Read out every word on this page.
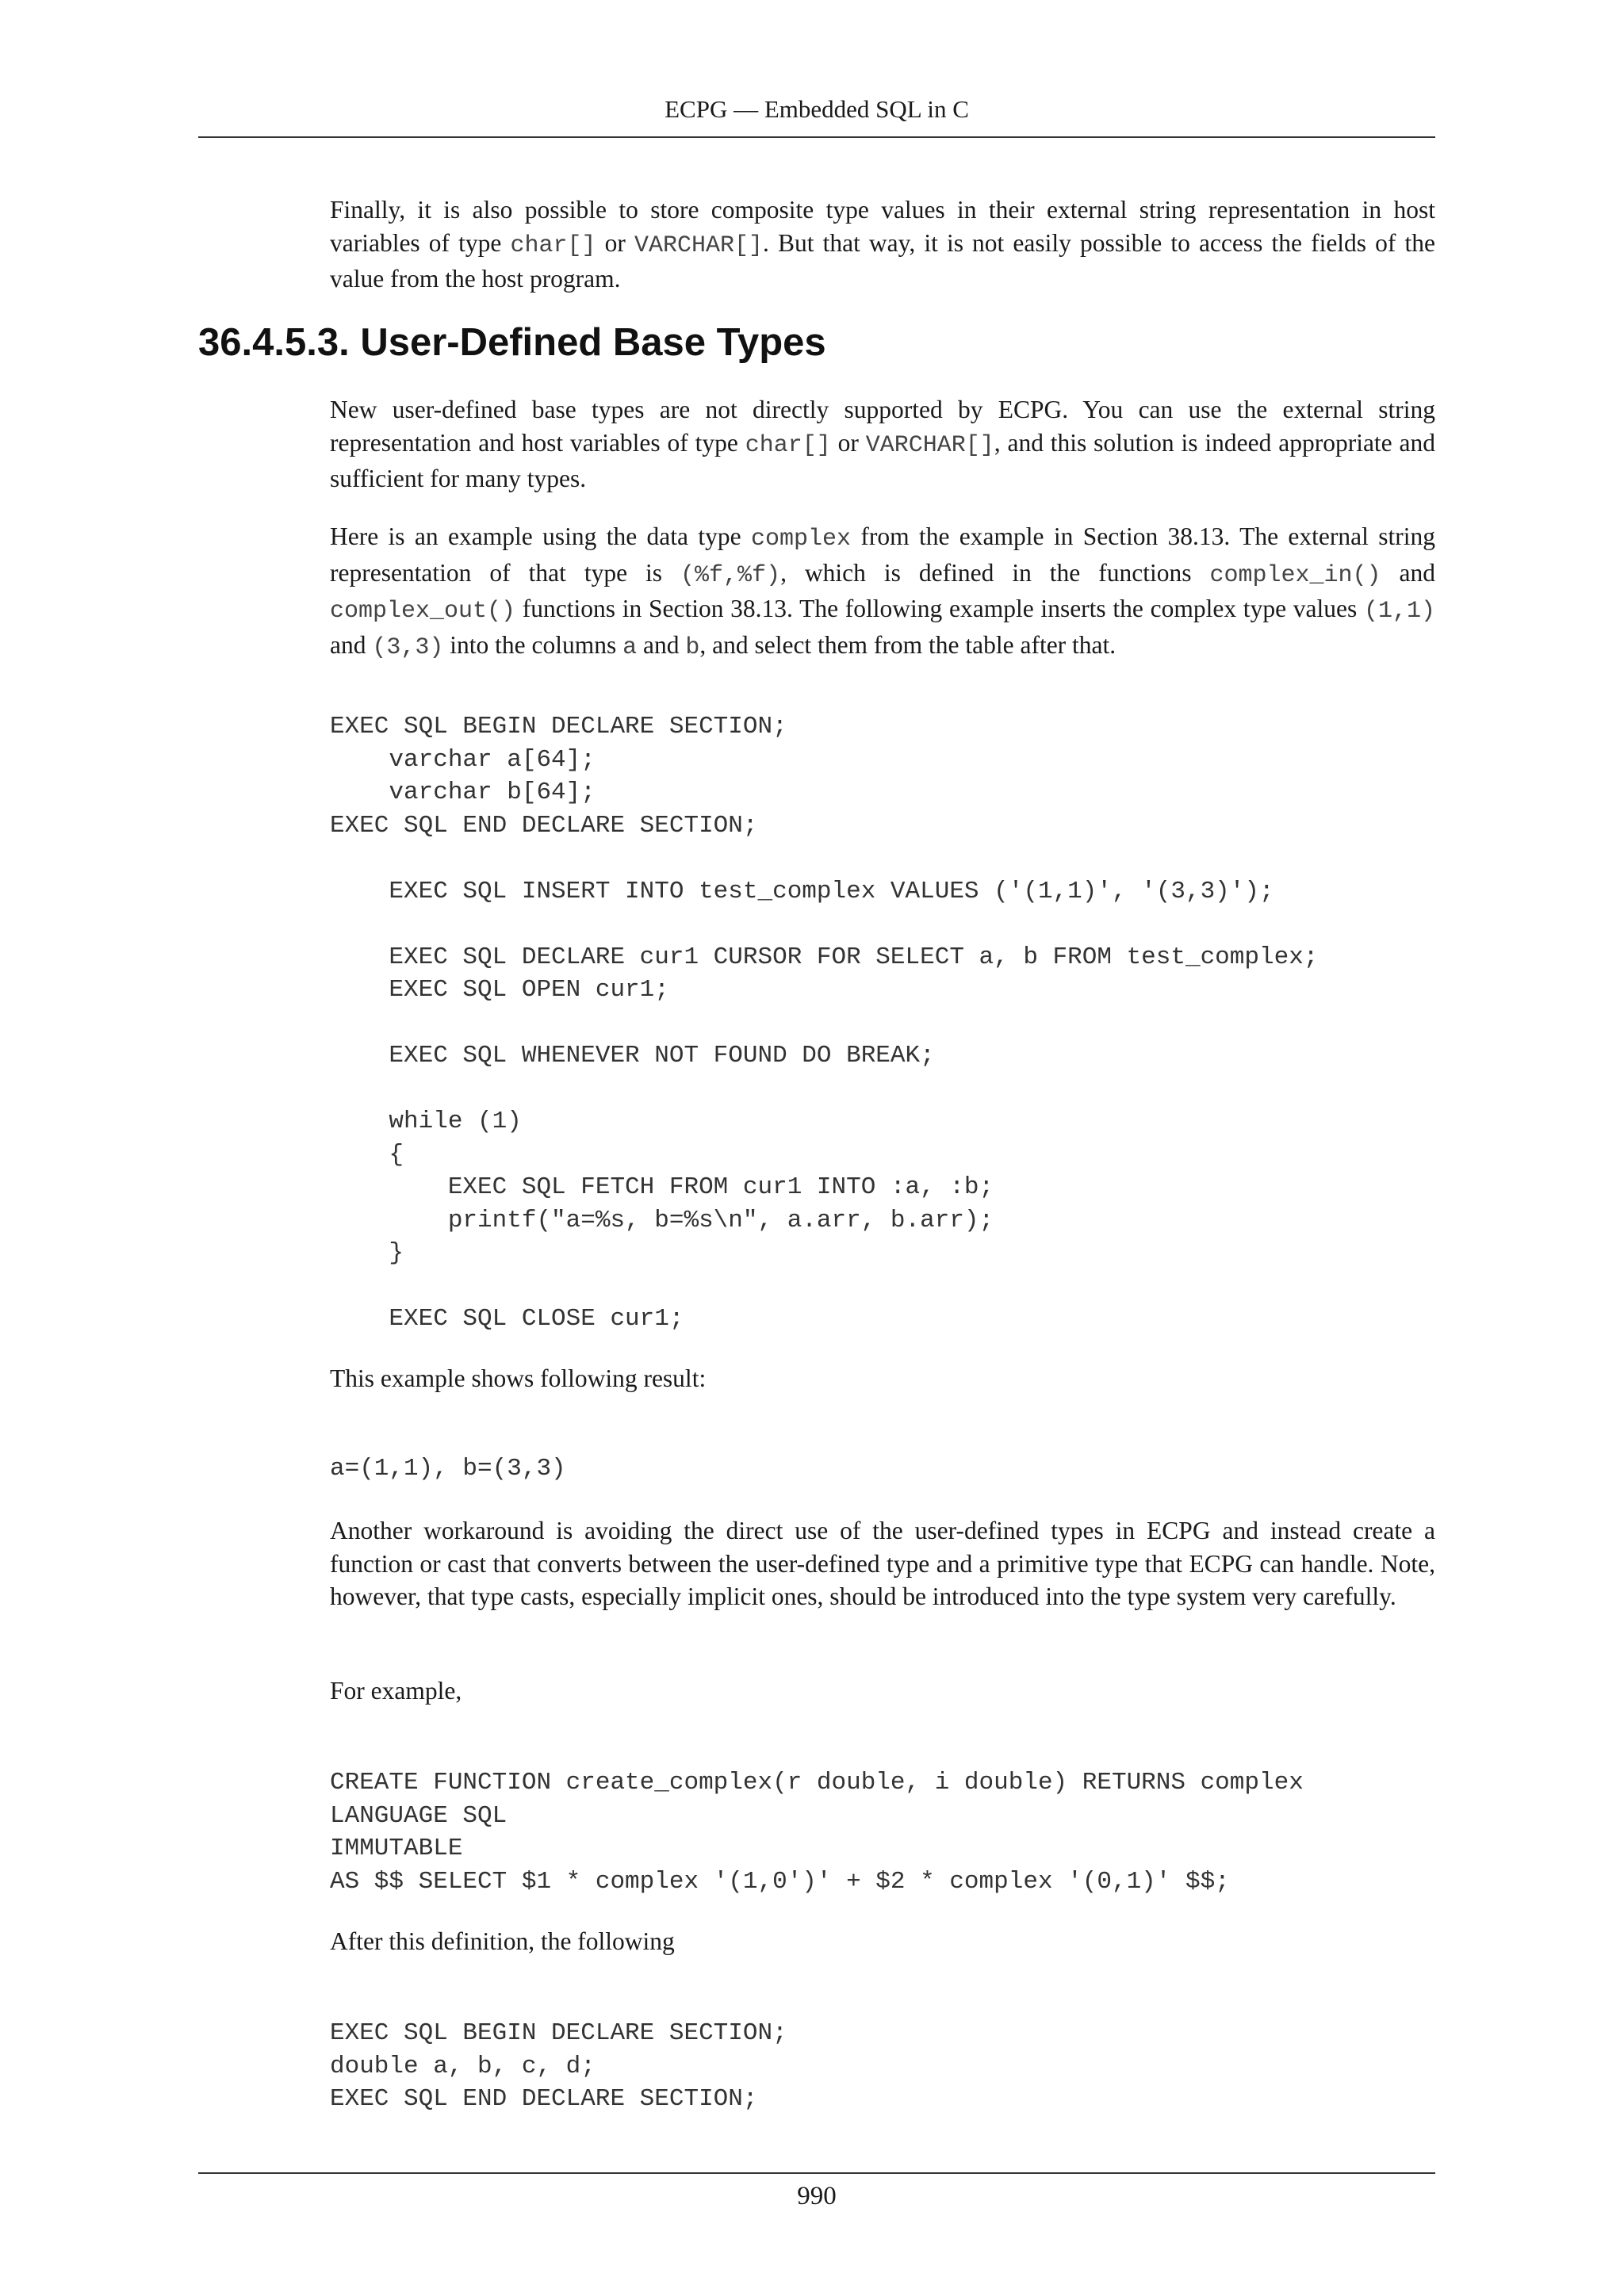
ECPG — Embedded SQL in C

Finally, it is also possible to store composite type values in their external string representation in host variables of type char[] or VARCHAR[]. But that way, it is not easily possible to access the fields of the value from the host program.

36.4.5.3. User-Defined Base Types

New user-defined base types are not directly supported by ECPG. You can use the external string representation and host variables of type char[] or VARCHAR[], and this solution is indeed appropriate and sufficient for many types.

Here is an example using the data type complex from the example in Section 38.13. The external string representation of that type is (%f,%f), which is defined in the functions complex_in() and complex_out() functions in Section 38.13. The following example inserts the complex type values (1,1) and (3,3) into the columns a and b, and select them from the table after that.

EXEC SQL BEGIN DECLARE SECTION;
varchar a[64];
varchar b[64];
EXEC SQL END DECLARE SECTION;

EXEC SQL INSERT INTO test_complex VALUES ('(1,1)', '(3,3)');

EXEC SQL DECLARE cur1 CURSOR FOR SELECT a, b FROM test_complex;
EXEC SQL OPEN cur1;

EXEC SQL WHENEVER NOT FOUND DO BREAK;

while (1)
{
EXEC SQL FETCH FROM cur1 INTO :a, :b;
printf("a=%s, b=%s\n", a.arr, b.arr);
}

EXEC SQL CLOSE cur1;

This example shows following result:

a=(1,1), b=(3,3)

Another workaround is avoiding the direct use of the user-defined types in ECPG and instead create a function or cast that converts between the user-defined type and a primitive type that ECPG can handle. Note, however, that type casts, especially implicit ones, should be introduced into the type system very carefully.

For example,

CREATE FUNCTION create_complex(r double, i double) RETURNS complex
LANGUAGE SQL
IMMUTABLE
AS $$ SELECT $1 * complex '(1,0')' + $2 * complex '(0,1)' $$;

After this definition, the following

EXEC SQL BEGIN DECLARE SECTION;
double a, b, c, d;
EXEC SQL END DECLARE SECTION;
990
